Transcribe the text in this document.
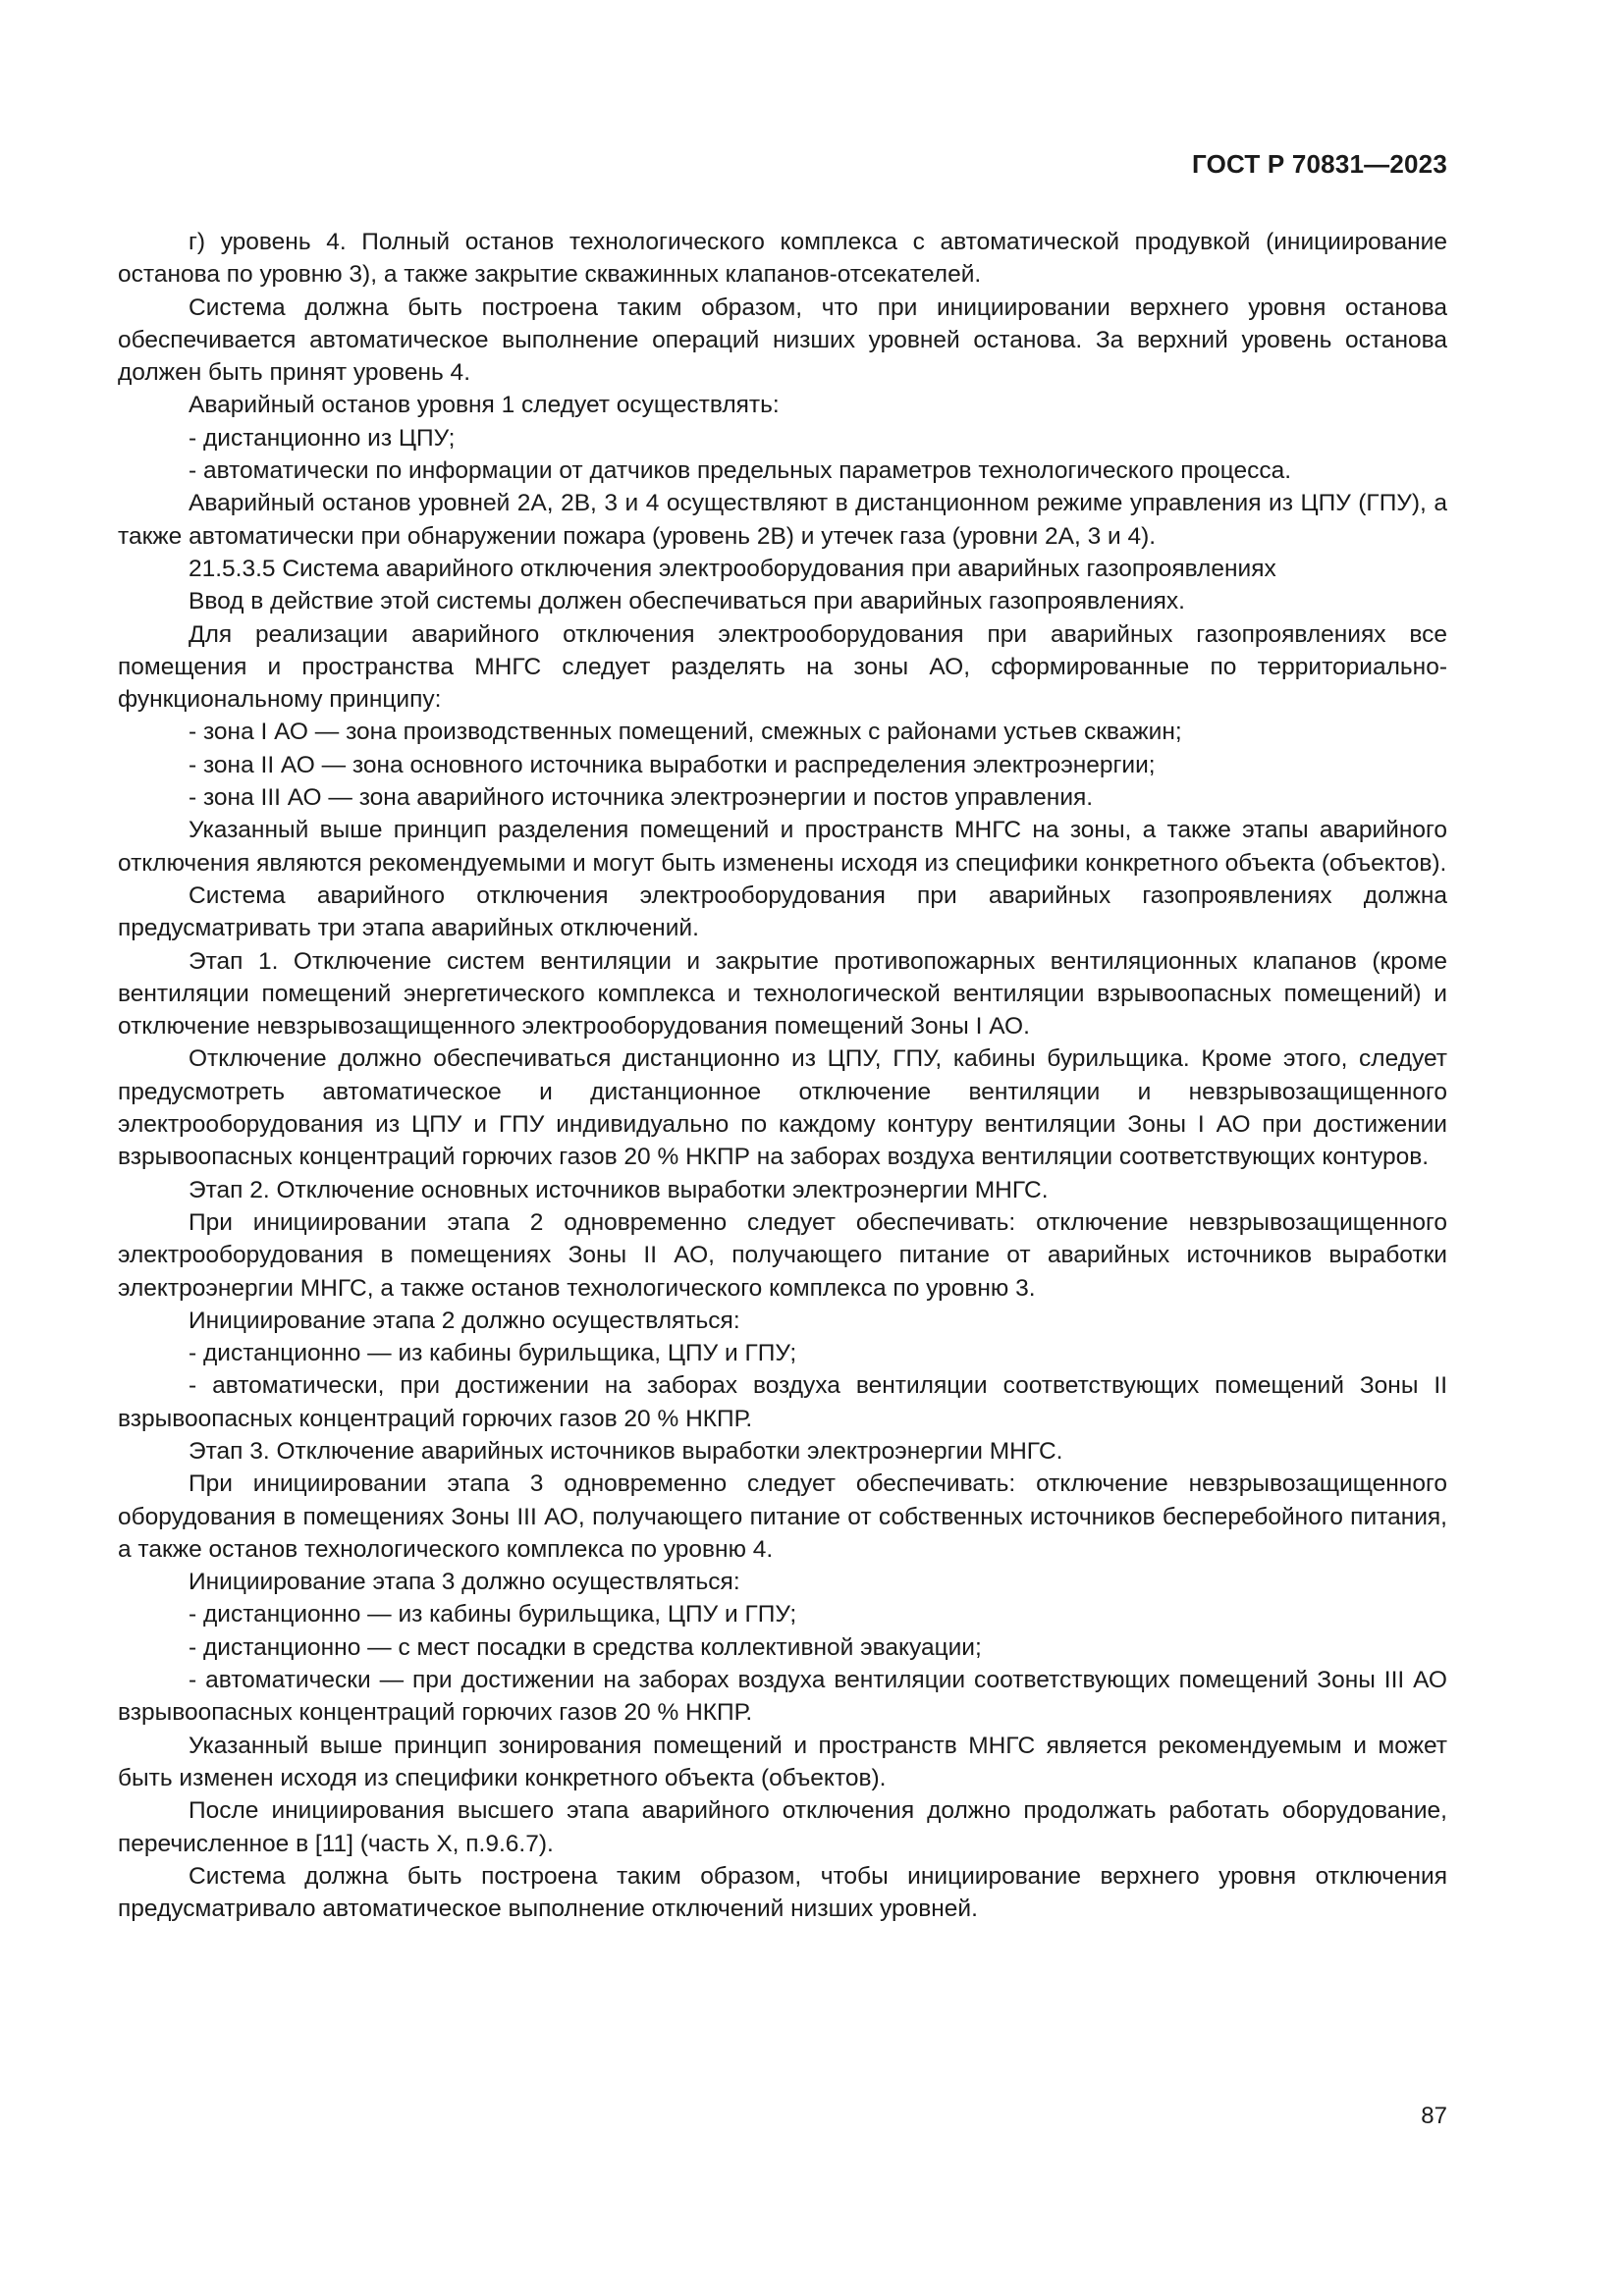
ГОСТ Р 70831—2023

г) уровень 4. Полный останов технологического комплекса с автоматической продувкой (инициирование останова по уровню 3), а также закрытие скважинных клапанов-отсекателей.

Система должна быть построена таким образом, что при инициировании верхнего уровня останова обеспечивается автоматическое выполнение операций низших уровней останова. За верхний уровень останова должен быть принят уровень 4.

Аварийный останов уровня 1 следует осуществлять:

- дистанционно из ЦПУ;

- автоматически по информации от датчиков предельных параметров технологического процесса.

Аварийный останов уровней 2А, 2В, 3 и 4 осуществляют в дистанционном режиме управления из ЦПУ (ГПУ), а также автоматически при обнаружении пожара (уровень 2В) и утечек газа (уровни 2А, 3 и 4).

21.5.3.5 Система аварийного отключения электрооборудования при аварийных газопроявлениях

Ввод в действие этой системы должен обеспечиваться при аварийных газопроявлениях.

Для реализации аварийного отключения электрооборудования при аварийных газопроявлениях все помещения и пространства МНГС следует разделять на зоны АО, сформированные по территориально-функциональному принципу:

- зона I АО — зона производственных помещений, смежных с районами устьев скважин;

- зона II АО — зона основного источника выработки и распределения электроэнергии;

- зона III АО — зона аварийного источника электроэнергии и постов управления.

Указанный выше принцип разделения помещений и пространств МНГС на зоны, а также этапы аварийного отключения являются рекомендуемыми и могут быть изменены исходя из специфики конкретного объекта (объектов).

Система аварийного отключения электрооборудования при аварийных газопроявлениях должна предусматривать три этапа аварийных отключений.

Этап 1. Отключение систем вентиляции и закрытие противопожарных вентиляционных клапанов (кроме вентиляции помещений энергетического комплекса и технологической вентиляции взрывоопасных помещений) и отключение невзрывозащищенного электрооборудования помещений Зоны I АО.

Отключение должно обеспечиваться дистанционно из ЦПУ, ГПУ, кабины бурильщика. Кроме этого, следует предусмотреть автоматическое и дистанционное отключение вентиляции и невзрывозащищенного электрооборудования из ЦПУ и ГПУ индивидуально по каждому контуру вентиляции Зоны I АО при достижении взрывоопасных концентраций горючих газов 20 % НКПР на заборах воздуха вентиляции соответствующих контуров.

Этап 2. Отключение основных источников выработки электроэнергии МНГС.

При инициировании этапа 2 одновременно следует обеспечивать: отключение невзрывозащищенного электрооборудования в помещениях Зоны II АО, получающего питание от аварийных источников выработки электроэнергии МНГС, а также останов технологического комплекса по уровню 3.

Инициирование этапа 2 должно осуществляться:

- дистанционно — из кабины бурильщика, ЦПУ и ГПУ;

- автоматически, при достижении на заборах воздуха вентиляции соответствующих помещений Зоны II взрывоопасных концентраций горючих газов 20 % НКПР.

Этап 3. Отключение аварийных источников выработки электроэнергии МНГС.

При инициировании этапа 3 одновременно следует обеспечивать: отключение невзрывозащищенного оборудования в помещениях Зоны III АО, получающего питание от собственных источников бесперебойного питания, а также останов технологического комплекса по уровню 4.

Инициирование этапа 3 должно осуществляться:

- дистанционно — из кабины бурильщика, ЦПУ и ГПУ;

- дистанционно — с мест посадки в средства коллективной эвакуации;

- автоматически — при достижении на заборах воздуха вентиляции соответствующих помещений Зоны III АО взрывоопасных концентраций горючих газов 20 % НКПР.

Указанный выше принцип зонирования помещений и пространств МНГС является рекомендуемым и может быть изменен исходя из специфики конкретного объекта (объектов).

После инициирования высшего этапа аварийного отключения должно продолжать работать оборудование, перечисленное в [11] (часть X, п.9.6.7).

Система должна быть построена таким образом, чтобы инициирование верхнего уровня отключения предусматривало автоматическое выполнение отключений низших уровней.

87
